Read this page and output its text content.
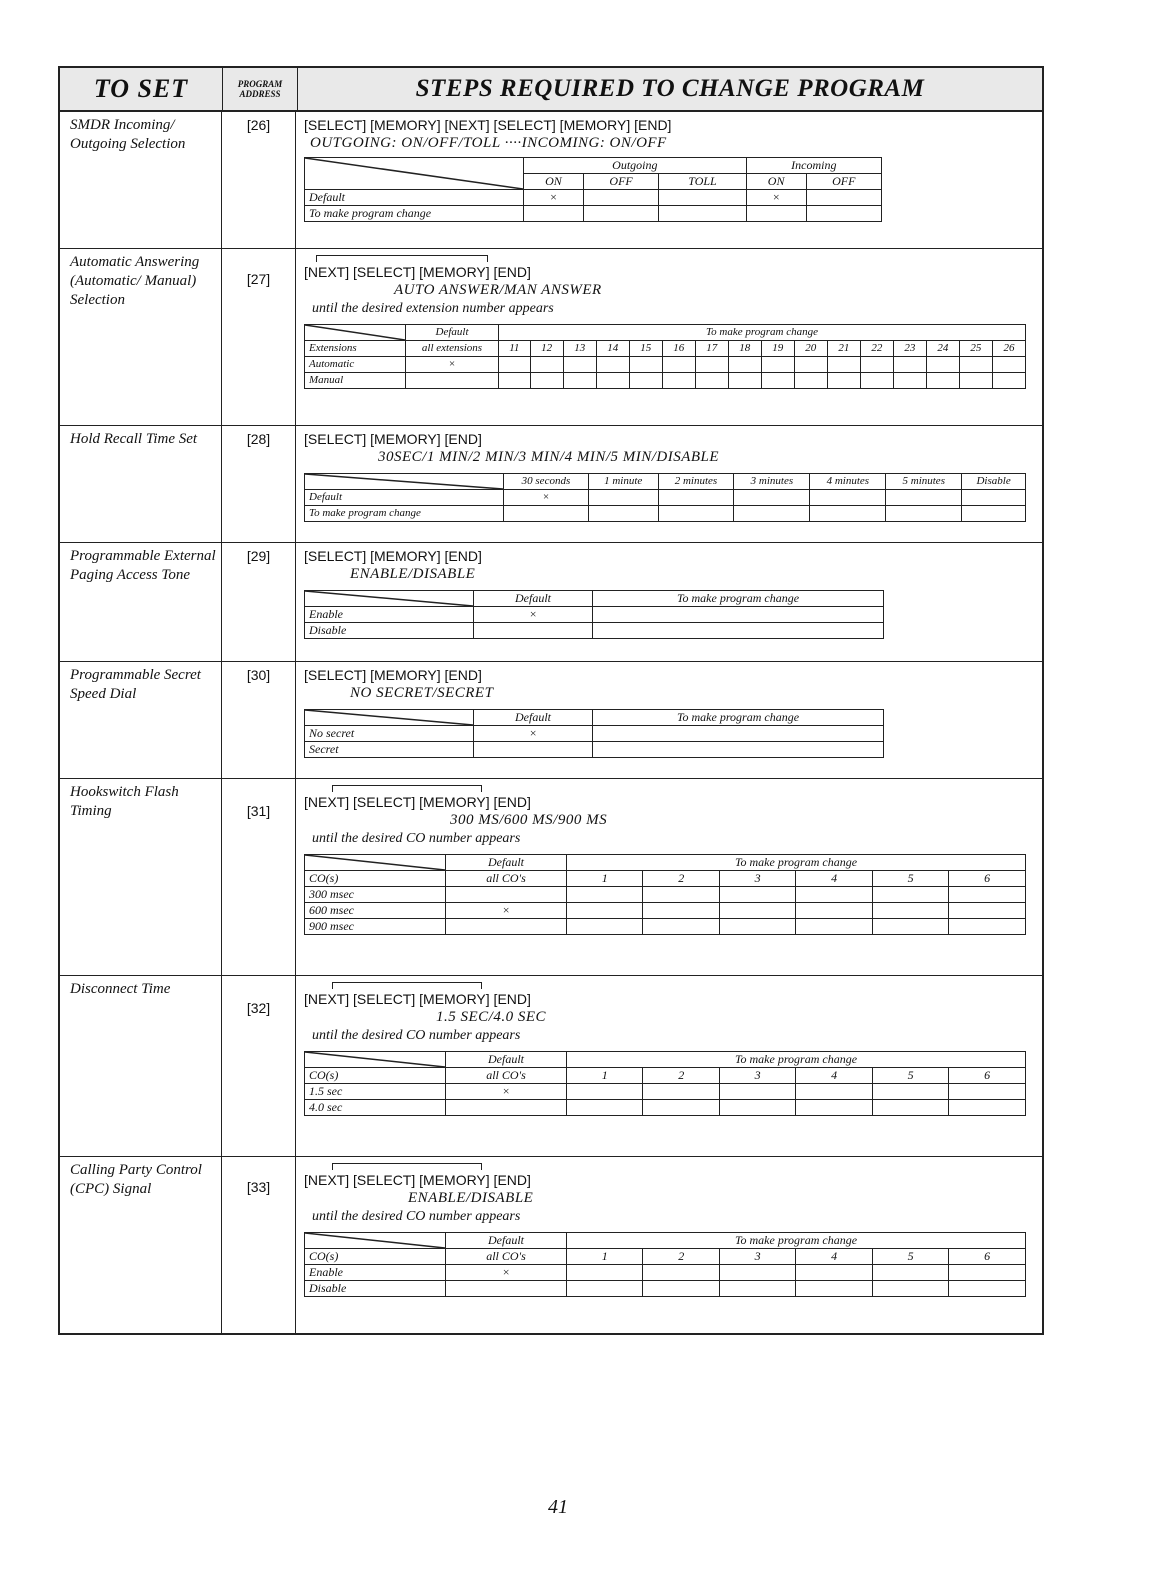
TO SET	PROGRAM
ADDRESS	STEPS REQUIRED TO CHANGE PROGRAM
SMDR Incoming/ Outgoing Selection
[26]	[SELECT] [MEMORY] [NEXT] [SELECT] [MEMORY] [END]
OUTGOING: ON/OFF/TOLL ····INCOMING: ON/OFF
	Outgoing			Incoming	
	ON	OFF	TOLL	ON	OFF
Default	×			×	
To make program change					
Automatic Answering (Automatic/ Manual) Selection
[27]	[NEXT] [SELECT] [MEMORY] [END]
AUTO ANSWER/MAN ANSWER
until the desired extension number appears
	Default	To make program change															
Extensions	all extensions	11	12	13	14	15	16	17	18	19	20	21	22	23	24	25	26
Automatic	×																
Manual																	
Hold Recall Time Set	[28]	[SELECT] [MEMORY] [END]
30SEC/1 MIN/2 MIN/3 MIN/4 MIN/5 MIN/DISABLE
	30 seconds	1 minute	2 minutes	3 minutes	4 minutes	5 minutes	Disable
Default	×						
To make program change							
Programmable External Paging Access Tone
[29]	[SELECT] [MEMORY] [END]
ENABLE/DISABLE
	Default	To make program change
Enable	×	
Disable		
Programmable Secret Speed Dial
[30]	[SELECT] [MEMORY] [END]
NO SECRET/SECRET
	Default	To make program change
No secret	×	
Secret		
Hookswitch Flash Timing	[31]
[NEXT] [SELECT] [MEMORY] [END]
300 MS/600 MS/900 MS
until the desired CO number appears
	Default	To make program change					
CO(s)	all CO's	1	2	3	4	5	6
300 msec							
600 msec	×						
900 msec							
Disconnect Time
[32]
[NEXT] [SELECT] [MEMORY] [END]
1.5 SEC/4.0 SEC
until the desired CO number appears
	Default	To make program change					
CO(s)	all CO's	1	2	3	4	5	6
1.5 sec	×						
4.0 sec							
Calling Party Control (CPC) Signal	[33]	[NEXT] [SELECT] [MEMORY] [END]
ENABLE/DISABLE
until the desired CO number appears
	Default	To make program change					
CO(s)	all CO's	1	2	3	4	5	6
Enable	×						
Disable							
41
